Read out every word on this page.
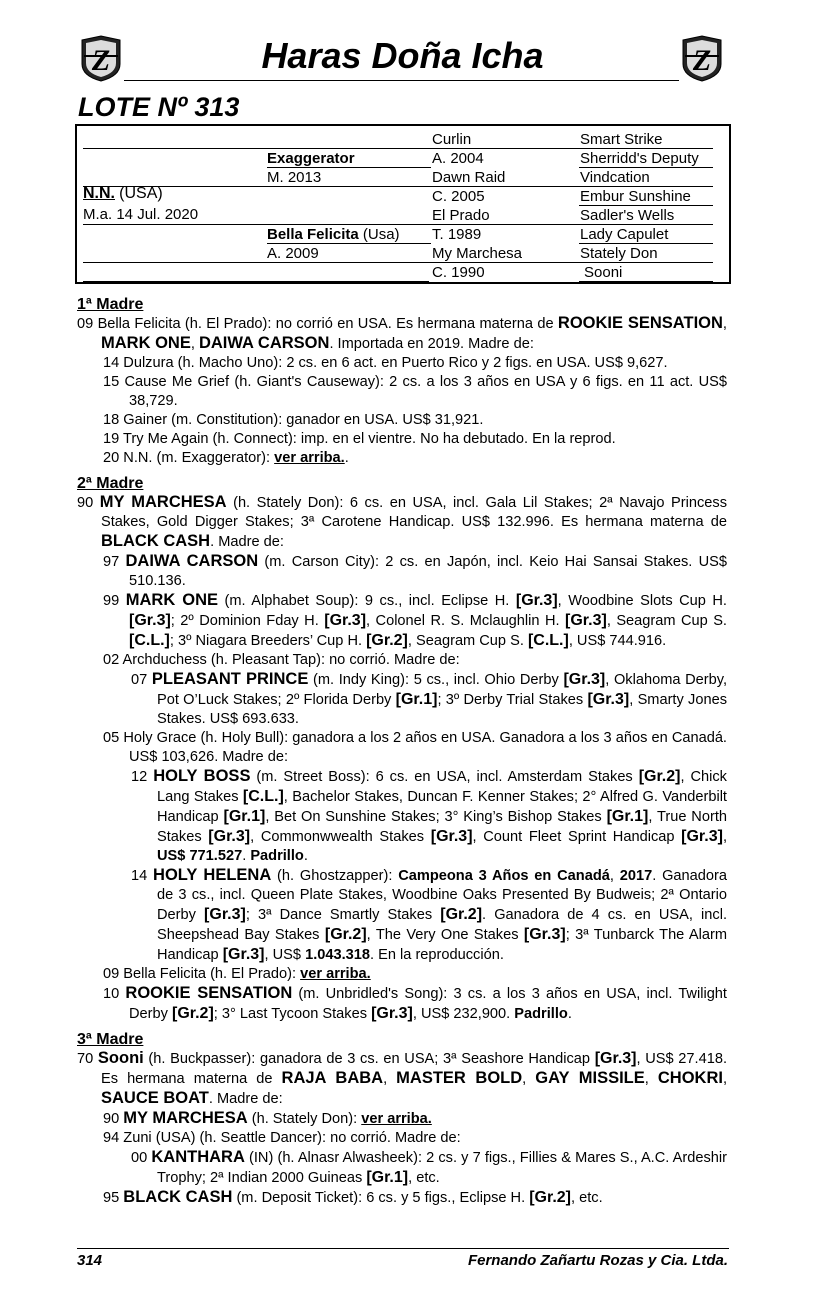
Z	Z
Haras Doña Icha
LOTE Nº 313
N.N. (USA)
M.a. 14 Jul. 2020
Exaggerator
M. 2013
Bella Felicita (Usa)
A. 2009
Curlin
A. 2004
Dawn Raid
C. 2005
El Prado
T. 1989
My Marchesa
C. 1990
Smart Strike
Sherridd's Deputy
Vindcation
Embur Sunshine
Sadler's Wells
Lady Capulet
Stately Don
Sooni
1ª Madre

09 Bella Felicita (h. El Prado): no corrió en USA. Es hermana materna de ROOKIE SENSATION, MARK ONE, DAIWA CARSON. Importada en 2019. Madre de:

14 Dulzura (h. Macho Uno): 2 cs. en 6 act. en Puerto Rico y 2 figs. en USA. US$ 9,627.

15 Cause Me Grief (h. Giant's Causeway): 2 cs. a los 3 años en USA y 6 figs. en 11 act. US$ 38,729.

18 Gainer (m. Constitution): ganador en USA. US$ 31,921.

19 Try Me Again (h. Connect): imp. en el vientre. No ha debutado. En la reprod.

20 N.N. (m. Exaggerator): ver arriba..

2ª Madre

90 MY MARCHESA (h. Stately Don): 6 cs. en USA, incl. Gala Lil Stakes; 2ª Navajo Princess Stakes, Gold Digger Stakes; 3ª Carotene Handicap. US$ 132.996. Es hermana materna de BLACK CASH. Madre de:

97 DAIWA CARSON (m. Carson City): 2 cs. en Japón, incl. Keio Hai Sansai Stakes. US$ 510.136.

99 MARK ONE (m. Alphabet Soup): 9 cs., incl. Eclipse H. [Gr.3], Woodbine Slots Cup H. [Gr.3]; 2º Dominion Fday H. [Gr.3], Colonel R. S. Mclaughlin H. [Gr.3], Seagram Cup S. [C.L.]; 3º Niagara Breeders’ Cup H. [Gr.2], Seagram Cup S. [C.L.], US$ 744.916.

02 Archduchess (h. Pleasant Tap): no corrió. Madre de:

07 PLEASANT PRINCE (m. Indy King): 5 cs., incl. Ohio Derby [Gr.3], Oklahoma Derby, Pot O’Luck Stakes; 2º Florida Derby [Gr.1]; 3º Derby Trial Stakes [Gr.3], Smarty Jones Stakes. US$ 693.633.

05 Holy Grace (h. Holy Bull): ganadora a los 2 años en USA. Ganadora a los 3 años en Canadá. US$ 103,626. Madre de:

12 HOLY BOSS (m. Street Boss): 6 cs. en USA, incl. Amsterdam Stakes [Gr.2], Chick Lang Stakes [C.L.], Bachelor Stakes, Duncan F. Kenner Stakes; 2° Alfred G. Vanderbilt Handicap [Gr.1], Bet On Sunshine Stakes; 3° King’s Bishop Stakes [Gr.1], True North Stakes [Gr.3], Commonwwealth Stakes [Gr.3], Count Fleet Sprint Handicap [Gr.3], US$ 771.527. Padrillo.

14 HOLY HELENA (h. Ghostzapper): Campeona 3 Años en Canadá, 2017. Ganadora de 3 cs., incl. Queen Plate Stakes, Woodbine Oaks Presented By Budweis; 2ª Ontario Derby [Gr.3]; 3ª Dance Smartly Stakes [Gr.2]. Ganadora de 4 cs. en USA, incl. Sheepshead Bay Stakes [Gr.2], The Very One Stakes [Gr.3]; 3ª Tunbarck The Alarm Handicap [Gr.3], US$ 1.043.318. En la reproducción.

09 Bella Felicita (h. El Prado): ver arriba.

10 ROOKIE SENSATION (m. Unbridled's Song): 3 cs. a los 3 años en USA, incl. Twilight Derby [Gr.2]; 3° Last Tycoon Stakes [Gr.3], US$ 232,900. Padrillo.

3ª Madre

70 Sooni (h. Buckpasser): ganadora de 3 cs. en USA; 3ª Seashore Handicap [Gr.3], US$ 27.418. Es hermana materna de RAJA BABA, MASTER BOLD, GAY MISSILE, CHOKRI, SAUCE BOAT. Madre de:

90 MY MARCHESA (h. Stately Don): ver arriba.

94 Zuni (USA) (h. Seattle Dancer): no corrió. Madre de:

00 KANTHARA (IN) (h. Alnasr Alwasheek): 2 cs. y 7 figs., Fillies & Mares S., A.C. Ardeshir Trophy; 2ª Indian 2000 Guineas [Gr.1], etc.

95 BLACK CASH (m. Deposit Ticket): 6 cs. y 5 figs., Eclipse H. [Gr.2], etc.

314	Fernando Zañartu Rozas y Cia. Ltda.
